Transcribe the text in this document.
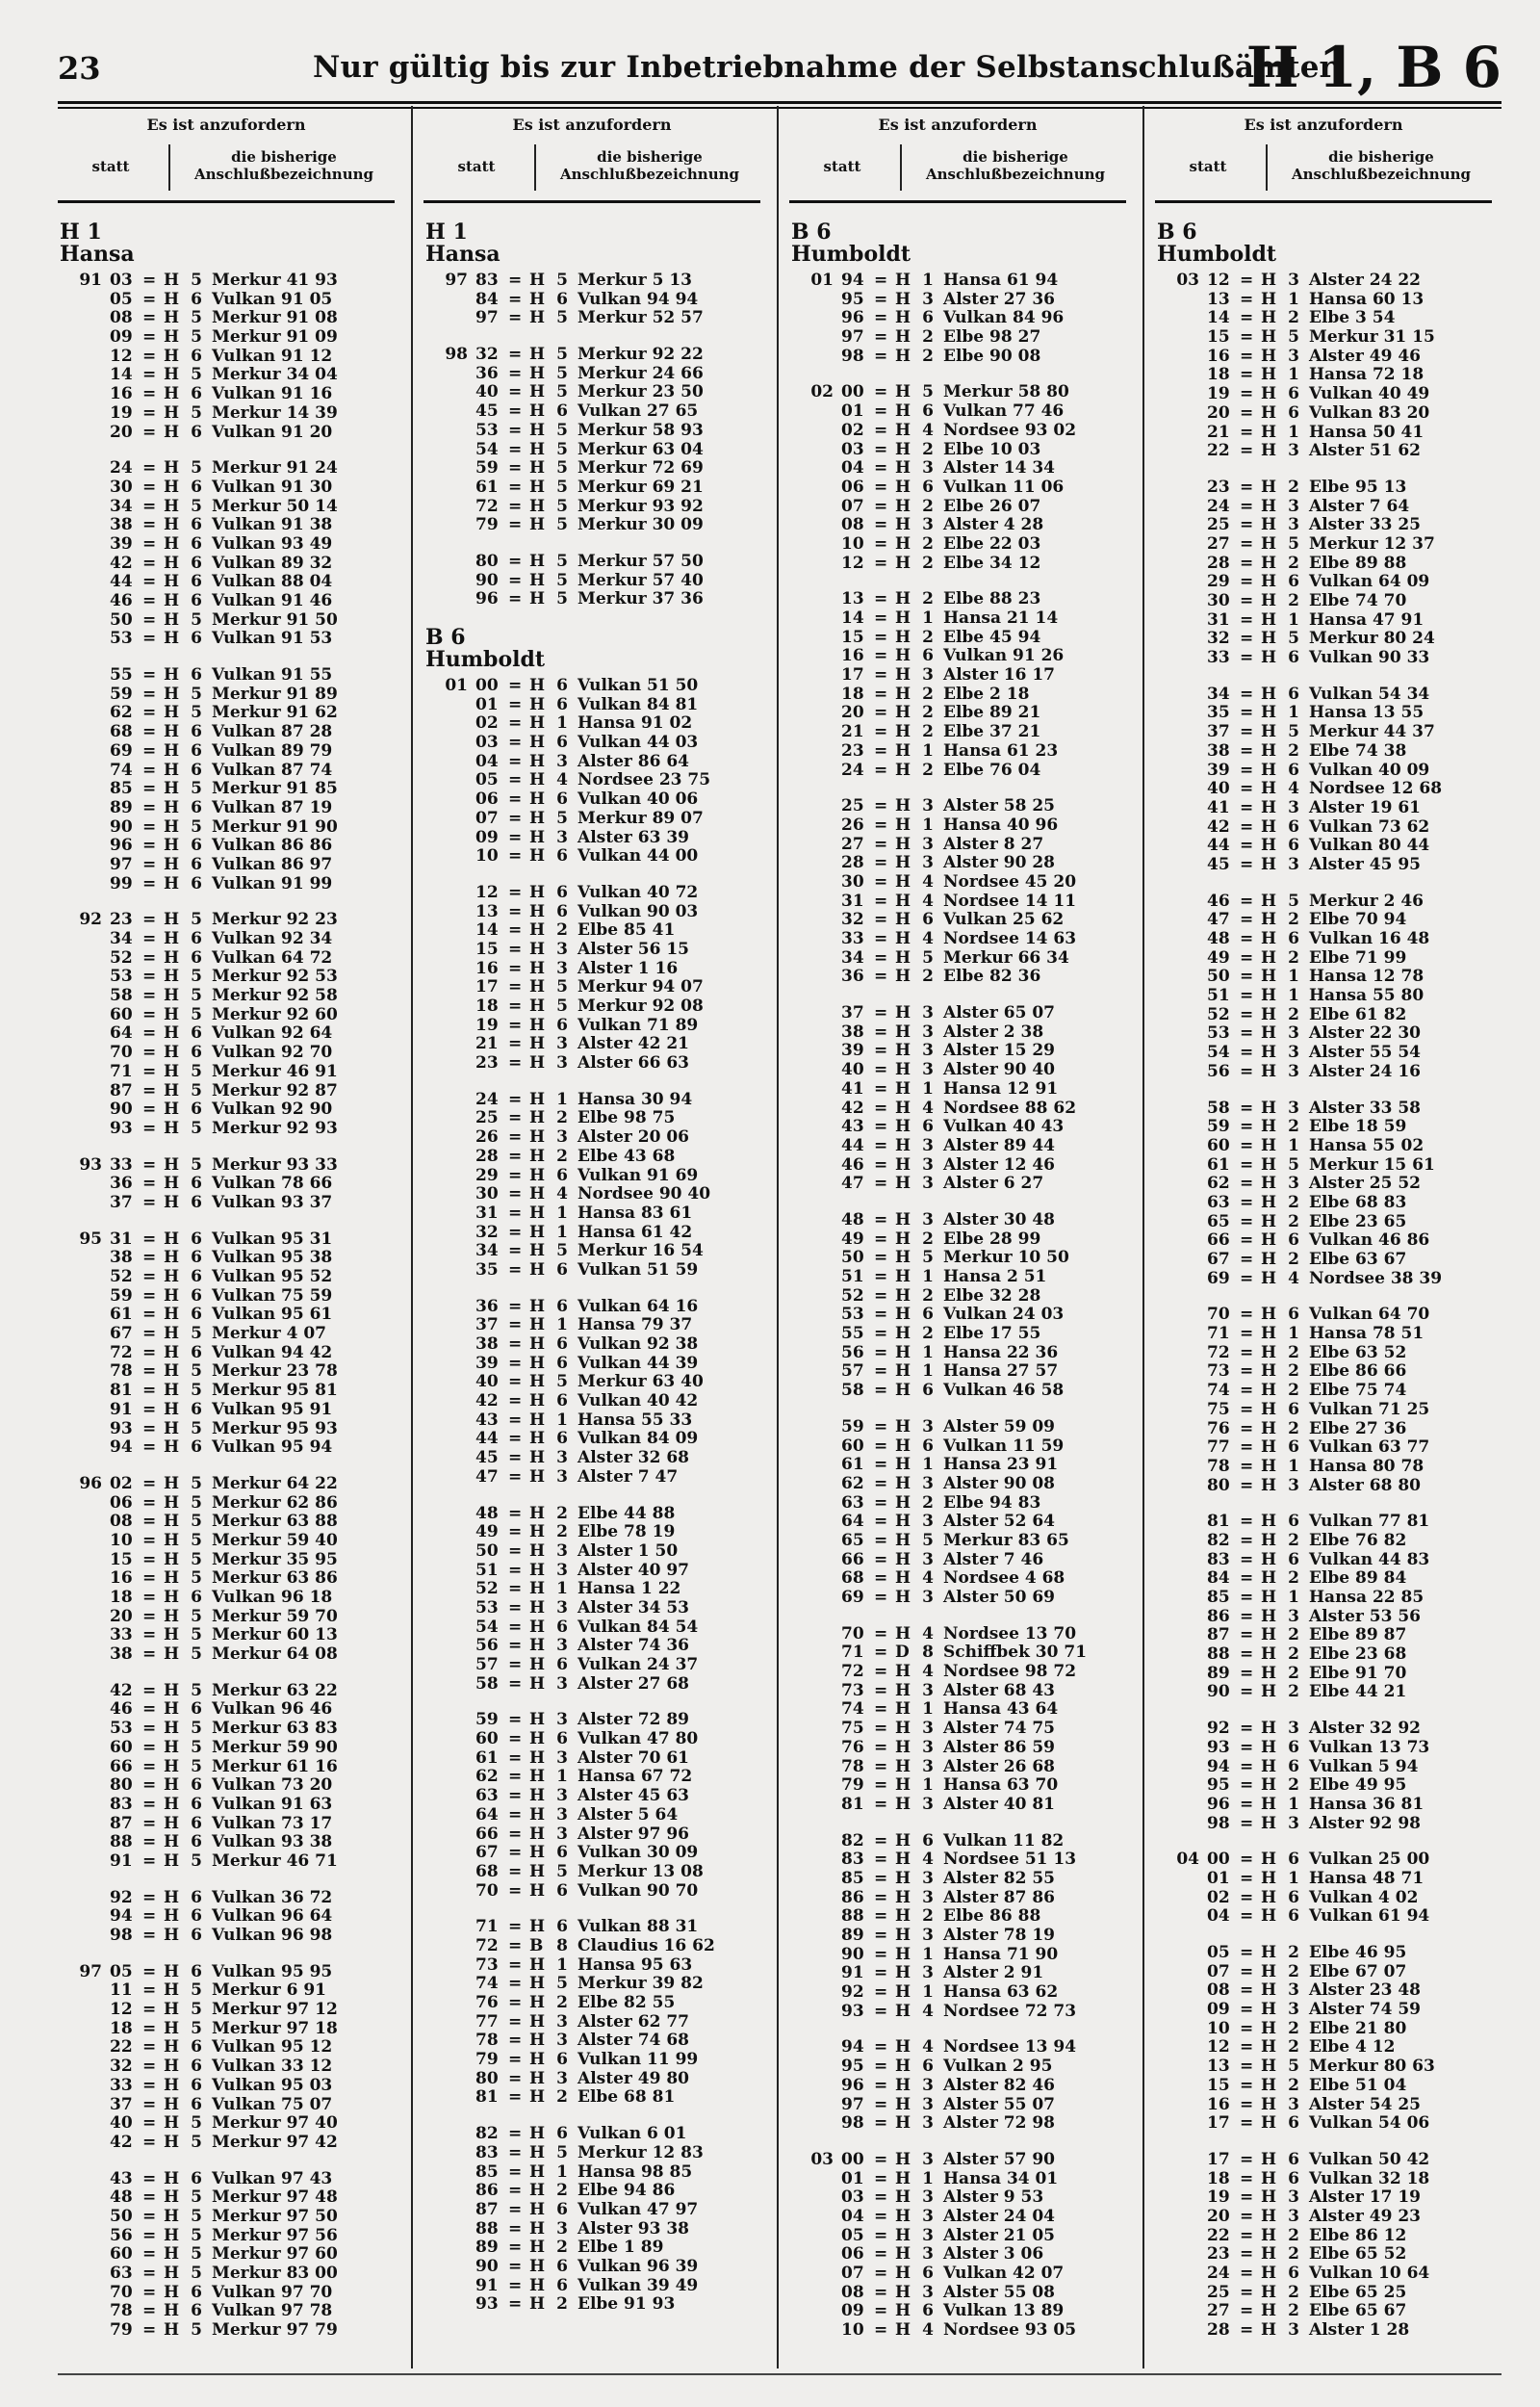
23	Nur gültig bis zur Inbetriebnahme der Selbstanschlußämter.
H 1, B 6
Es ist anzufordern
statt
die bisherige Anschlußbezeichnung
Es ist anzufordern
statt
die bisherige Anschlußbezeichnung
Es ist anzufordern
statt
die bisherige Anschlußbezeichnung
Es ist anzufordern
statt
die bisherige Anschlußbezeichnung
H 1
Hansa
91 03 = H 5 Merkur 41 93
05 = H 6 Vulkan 91 05
08 = H 5 Merkur 91 08
09 = H 5 Merkur 91 09
12 = H 6 Vulkan 91 12
14 = H 5 Merkur 34 04
16 = H 6 Vulkan 91 16
19 = H 5 Merkur 14 39
20 = H 6 Vulkan 91 20
24 = H 5 Merkur 91 24
30 = H 6 Vulkan 91 30
34 = H 5 Merkur 50 14
38 = H 6 Vulkan 91 38
39 = H 6 Vulkan 93 49
42 = H 6 Vulkan 89 32
44 = H 6 Vulkan 88 04
46 = H 6 Vulkan 91 46
50 = H 5 Merkur 91 50
53 = H 6 Vulkan 91 53
55 = H 6 Vulkan 91 55
59 = H 5 Merkur 91 89
62 = H 5 Merkur 91 62
68 = H 6 Vulkan 87 28
69 = H 6 Vulkan 89 79
74 = H 6 Vulkan 87 74
85 = H 5 Merkur 91 85
89 = H 6 Vulkan 87 19
90 = H 5 Merkur 91 90
96 = H 6 Vulkan 86 86
97 = H 6 Vulkan 86 97
99 = H 6 Vulkan 91 99
92 23 = H 5 Merkur 92 23
34 = H 6 Vulkan 92 34
52 = H 6 Vulkan 64 72
53 = H 5 Merkur 92 53
58 = H 5 Merkur 92 58
60 = H 5 Merkur 92 60
64 = H 6 Vulkan 92 64
70 = H 6 Vulkan 92 70
71 = H 5 Merkur 46 91
87 = H 5 Merkur 92 87
90 = H 6 Vulkan 92 90
93 = H 5 Merkur 92 93
93 33 = H 5 Merkur 93 33
36 = H 6 Vulkan 78 66
37 = H 6 Vulkan 93 37
95 31 = H 6 Vulkan 95 31
38 = H 6 Vulkan 95 38
52 = H 6 Vulkan 95 52
59 = H 6 Vulkan 75 59
61 = H 6 Vulkan 95 61
67 = H 5 Merkur 4 07
72 = H 6 Vulkan 94 42
78 = H 5 Merkur 23 78
81 = H 5 Merkur 95 81
91 = H 6 Vulkan 95 91
93 = H 5 Merkur 95 93
94 = H 6 Vulkan 95 94
96 02 = H 5 Merkur 64 22
06 = H 5 Merkur 62 86
08 = H 5 Merkur 63 88
10 = H 5 Merkur 59 40
15 = H 5 Merkur 35 95
16 = H 5 Merkur 63 86
18 = H 6 Vulkan 96 18
20 = H 5 Merkur 59 70
33 = H 5 Merkur 60 13
38 = H 5 Merkur 64 08
42 = H 5 Merkur 63 22
46 = H 6 Vulkan 96 46
53 = H 5 Merkur 63 83
60 = H 5 Merkur 59 90
66 = H 5 Merkur 61 16
80 = H 6 Vulkan 73 20
83 = H 6 Vulkan 91 63
87 = H 6 Vulkan 73 17
88 = H 6 Vulkan 93 38
91 = H 5 Merkur 46 71
92 = H 6 Vulkan 36 72
94 = H 6 Vulkan 96 64
98 = H 6 Vulkan 96 98
97 05 = H 6 Vulkan 95 95
11 = H 5 Merkur 6 91
12 = H 5 Merkur 97 12
18 = H 5 Merkur 97 18
22 = H 6 Vulkan 95 12
32 = H 6 Vulkan 33 12
33 = H 6 Vulkan 95 03
37 = H 6 Vulkan 75 07
40 = H 5 Merkur 97 40
42 = H 5 Merkur 97 42
43 = H 6 Vulkan 97 43
48 = H 5 Merkur 97 48
50 = H 5 Merkur 97 50
56 = H 5 Merkur 97 56
60 = H 5 Merkur 97 60
63 = H 5 Merkur 83 00
70 = H 6 Vulkan 97 70
78 = H 6 Vulkan 97 78
79 = H 5 Merkur 97 79
H 1
Hansa
97 83 = H 5 Merkur 5 13
84 = H 6 Vulkan 94 94
97 = H 5 Merkur 52 57
98 32 = H 5 Merkur 92 22
36 = H 5 Merkur 24 66
40 = H 5 Merkur 23 50
45 = H 6 Vulkan 27 65
53 = H 5 Merkur 58 93
54 = H 5 Merkur 63 04
59 = H 5 Merkur 72 69
61 = H 5 Merkur 69 21
72 = H 5 Merkur 93 92
79 = H 5 Merkur 30 09
80 = H 5 Merkur 57 50
90 = H 5 Merkur 57 40
96 = H 5 Merkur 37 36
B 6
Humboldt
01 00 = H 6 Vulkan 51 50
01 = H 6 Vulkan 84 81
02 = H 1 Hansa 91 02
03 = H 6 Vulkan 44 03
04 = H 3 Alster 86 64
05 = H 4 Nordsee 23 75
06 = H 6 Vulkan 40 06
07 = H 5 Merkur 89 07
09 = H 3 Alster 63 39
10 = H 6 Vulkan 44 00
12 = H 6 Vulkan 40 72
13 = H 6 Vulkan 90 03
14 = H 2 Elbe 85 41
15 = H 3 Alster 56 15
16 = H 3 Alster 1 16
17 = H 5 Merkur 94 07
18 = H 5 Merkur 92 08
19 = H 6 Vulkan 71 89
21 = H 3 Alster 42 21
23 = H 3 Alster 66 63
24 = H 1 Hansa 30 94
25 = H 2 Elbe 98 75
26 = H 3 Alster 20 06
28 = H 2 Elbe 43 68
29 = H 6 Vulkan 91 69
30 = H 4 Nordsee 90 40
31 = H 1 Hansa 83 61
32 = H 1 Hansa 61 42
34 = H 5 Merkur 16 54
35 = H 6 Vulkan 51 59
36 = H 6 Vulkan 64 16
37 = H 1 Hansa 79 37
38 = H 6 Vulkan 92 38
39 = H 6 Vulkan 44 39
40 = H 5 Merkur 63 40
42 = H 6 Vulkan 40 42
43 = H 1 Hansa 55 33
44 = H 6 Vulkan 84 09
45 = H 3 Alster 32 68
47 = H 3 Alster 7 47
48 = H 2 Elbe 44 88
49 = H 2 Elbe 78 19
50 = H 3 Alster 1 50
51 = H 3 Alster 40 97
52 = H 1 Hansa 1 22
53 = H 3 Alster 34 53
54 = H 6 Vulkan 84 54
56 = H 3 Alster 74 36
57 = H 6 Vulkan 24 37
58 = H 3 Alster 27 68
59 = H 3 Alster 72 89
60 = H 6 Vulkan 47 80
61 = H 3 Alster 70 61
62 = H 1 Hansa 67 72
63 = H 3 Alster 45 63
64 = H 3 Alster 5 64
66 = H 3 Alster 97 96
67 = H 6 Vulkan 30 09
68 = H 5 Merkur 13 08
70 = H 6 Vulkan 90 70
71 = H 6 Vulkan 88 31
72 = B 8 Claudius 16 62
73 = H 1 Hansa 95 63
74 = H 5 Merkur 39 82
76 = H 2 Elbe 82 55
77 = H 3 Alster 62 77
78 = H 3 Alster 74 68
79 = H 6 Vulkan 11 99
80 = H 3 Alster 49 80
81 = H 2 Elbe 68 81
82 = H 6 Vulkan 6 01
83 = H 5 Merkur 12 83
85 = H 1 Hansa 98 85
86 = H 2 Elbe 94 86
87 = H 6 Vulkan 47 97
88 = H 3 Alster 93 38
89 = H 2 Elbe 1 89
90 = H 6 Vulkan 96 39
91 = H 6 Vulkan 39 49
93 = H 2 Elbe 91 93
B 6
Humboldt
01 94 = H 1 Hansa 61 94
95 = H 3 Alster 27 36
96 = H 6 Vulkan 84 96
97 = H 2 Elbe 98 27
98 = H 2 Elbe 90 08
02 00 = H 5 Merkur 58 80
01 = H 6 Vulkan 77 46
02 = H 4 Nordsee 93 02
03 = H 2 Elbe 10 03
04 = H 3 Alster 14 34
06 = H 6 Vulkan 11 06
07 = H 2 Elbe 26 07
08 = H 3 Alster 4 28
10 = H 2 Elbe 22 03
12 = H 2 Elbe 34 12
13 = H 2 Elbe 88 23
14 = H 1 Hansa 21 14
15 = H 2 Elbe 45 94
16 = H 6 Vulkan 91 26
17 = H 3 Alster 16 17
18 = H 2 Elbe 2 18
20 = H 2 Elbe 89 21
21 = H 2 Elbe 37 21
23 = H 1 Hansa 61 23
24 = H 2 Elbe 76 04
25 = H 3 Alster 58 25
26 = H 1 Hansa 40 96
27 = H 3 Alster 8 27
28 = H 3 Alster 90 28
30 = H 4 Nordsee 45 20
31 = H 4 Nordsee 14 11
32 = H 6 Vulkan 25 62
33 = H 4 Nordsee 14 63
34 = H 5 Merkur 66 34
36 = H 2 Elbe 82 36
37 = H 3 Alster 65 07
38 = H 3 Alster 2 38
39 = H 3 Alster 15 29
40 = H 3 Alster 90 40
41 = H 1 Hansa 12 91
42 = H 4 Nordsee 88 62
43 = H 6 Vulkan 40 43
44 = H 3 Alster 89 44
46 = H 3 Alster 12 46
47 = H 3 Alster 6 27
48 = H 3 Alster 30 48
49 = H 2 Elbe 28 99
50 = H 5 Merkur 10 50
51 = H 1 Hansa 2 51
52 = H 2 Elbe 32 28
53 = H 6 Vulkan 24 03
55 = H 2 Elbe 17 55
56 = H 1 Hansa 22 36
57 = H 1 Hansa 27 57
58 = H 6 Vulkan 46 58
59 = H 3 Alster 59 09
60 = H 6 Vulkan 11 59
61 = H 1 Hansa 23 91
62 = H 3 Alster 90 08
63 = H 2 Elbe 94 83
64 = H 3 Alster 52 64
65 = H 5 Merkur 83 65
66 = H 3 Alster 7 46
68 = H 4 Nordsee 4 68
69 = H 3 Alster 50 69
70 = H 4 Nordsee 13 70
71 = D 8 Schiffbek 30 71
72 = H 4 Nordsee 98 72
73 = H 3 Alster 68 43
74 = H 1 Hansa 43 64
75 = H 3 Alster 74 75
76 = H 3 Alster 86 59
78 = H 3 Alster 26 68
79 = H 1 Hansa 63 70
81 = H 3 Alster 40 81
82 = H 6 Vulkan 11 82
83 = H 4 Nordsee 51 13
85 = H 3 Alster 82 55
86 = H 3 Alster 87 86
88 = H 2 Elbe 86 88
89 = H 3 Alster 78 19
90 = H 1 Hansa 71 90
91 = H 3 Alster 2 91
92 = H 1 Hansa 63 62
93 = H 4 Nordsee 72 73
94 = H 4 Nordsee 13 94
95 = H 6 Vulkan 2 95
96 = H 3 Alster 82 46
97 = H 3 Alster 55 07
98 = H 3 Alster 72 98
03 00 = H 3 Alster 57 90
01 = H 1 Hansa 34 01
03 = H 3 Alster 9 53
04 = H 3 Alster 24 04
05 = H 3 Alster 21 05
06 = H 3 Alster 3 06
07 = H 6 Vulkan 42 07
08 = H 3 Alster 55 08
09 = H 6 Vulkan 13 89
10 = H 4 Nordsee 93 05
B 6
Humboldt
03 12 = H 3 Alster 24 22
13 = H 1 Hansa 60 13
14 = H 2 Elbe 3 54
15 = H 5 Merkur 31 15
16 = H 3 Alster 49 46
18 = H 1 Hansa 72 18
19 = H 6 Vulkan 40 49
20 = H 6 Vulkan 83 20
21 = H 1 Hansa 50 41
22 = H 3 Alster 51 62
23 = H 2 Elbe 95 13
24 = H 3 Alster 7 64
25 = H 3 Alster 33 25
27 = H 5 Merkur 12 37
28 = H 2 Elbe 89 88
29 = H 6 Vulkan 64 09
30 = H 2 Elbe 74 70
31 = H 1 Hansa 47 91
32 = H 5 Merkur 80 24
33 = H 6 Vulkan 90 33
34 = H 6 Vulkan 54 34
35 = H 1 Hansa 13 55
37 = H 5 Merkur 44 37
38 = H 2 Elbe 74 38
39 = H 6 Vulkan 40 09
40 = H 4 Nordsee 12 68
41 = H 3 Alster 19 61
42 = H 6 Vulkan 73 62
44 = H 6 Vulkan 80 44
45 = H 3 Alster 45 95
46 = H 5 Merkur 2 46
47 = H 2 Elbe 70 94
48 = H 6 Vulkan 16 48
49 = H 2 Elbe 71 99
50 = H 1 Hansa 12 78
51 = H 1 Hansa 55 80
52 = H 2 Elbe 61 82
53 = H 3 Alster 22 30
54 = H 3 Alster 55 54
56 = H 3 Alster 24 16
58 = H 3 Alster 33 58
59 = H 2 Elbe 18 59
60 = H 1 Hansa 55 02
61 = H 5 Merkur 15 61
62 = H 3 Alster 25 52
63 = H 2 Elbe 68 83
65 = H 2 Elbe 23 65
66 = H 6 Vulkan 46 86
67 = H 2 Elbe 63 67
69 = H 4 Nordsee 38 39
70 = H 6 Vulkan 64 70
71 = H 1 Hansa 78 51
72 = H 2 Elbe 63 52
73 = H 2 Elbe 86 66
74 = H 2 Elbe 75 74
75 = H 6 Vulkan 71 25
76 = H 2 Elbe 27 36
77 = H 6 Vulkan 63 77
78 = H 1 Hansa 80 78
80 = H 3 Alster 68 80
81 = H 6 Vulkan 77 81
82 = H 2 Elbe 76 82
83 = H 6 Vulkan 44 83
84 = H 2 Elbe 89 84
85 = H 1 Hansa 22 85
86 = H 3 Alster 53 56
87 = H 2 Elbe 89 87
88 = H 2 Elbe 23 68
89 = H 2 Elbe 91 70
90 = H 2 Elbe 44 21
92 = H 3 Alster 32 92
93 = H 6 Vulkan 13 73
94 = H 6 Vulkan 5 94
95 = H 2 Elbe 49 95
96 = H 1 Hansa 36 81
98 = H 3 Alster 92 98
04 00 = H 6 Vulkan 25 00
01 = H 1 Hansa 48 71
02 = H 6 Vulkan 4 02
04 = H 6 Vulkan 61 94
05 = H 2 Elbe 46 95
07 = H 2 Elbe 67 07
08 = H 3 Alster 23 48
09 = H 3 Alster 74 59
10 = H 2 Elbe 21 80
12 = H 2 Elbe 4 12
13 = H 5 Merkur 80 63
15 = H 2 Elbe 51 04
16 = H 3 Alster 54 25
17 = H 6 Vulkan 54 06
17 = H 6 Vulkan 50 42
18 = H 6 Vulkan 32 18
19 = H 3 Alster 17 19
20 = H 3 Alster 49 23
22 = H 2 Elbe 86 12
23 = H 2 Elbe 65 52
24 = H 6 Vulkan 10 64
25 = H 2 Elbe 65 25
27 = H 2 Elbe 65 67
28 = H 3 Alster 1 28
